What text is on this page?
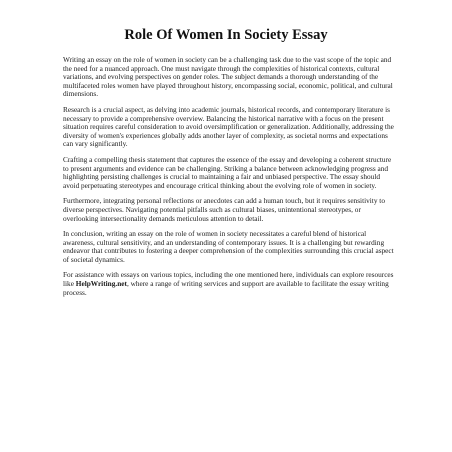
Role Of Women In Society Essay

Writing an essay on the role of women in society can be a challenging task due to the vast scope of the topic and the need for a nuanced approach. One must navigate through the complexities of historical contexts, cultural variations, and evolving perspectives on gender roles. The subject demands a thorough understanding of the multifaceted roles women have played throughout history, encompassing social, economic, political, and cultural dimensions.

Research is a crucial aspect, as delving into academic journals, historical records, and contemporary literature is necessary to provide a comprehensive overview. Balancing the historical narrative with a focus on the present situation requires careful consideration to avoid oversimplification or generalization. Additionally, addressing the diversity of women's experiences globally adds another layer of complexity, as societal norms and expectations can vary significantly.

Crafting a compelling thesis statement that captures the essence of the essay and developing a coherent structure to present arguments and evidence can be challenging. Striking a balance between acknowledging progress and highlighting persisting challenges is crucial to maintaining a fair and unbiased perspective. The essay should avoid perpetuating stereotypes and encourage critical thinking about the evolving role of women in society.

Furthermore, integrating personal reflections or anecdotes can add a human touch, but it requires sensitivity to diverse perspectives. Navigating potential pitfalls such as cultural biases, unintentional stereotypes, or overlooking intersectionality demands meticulous attention to detail.

In conclusion, writing an essay on the role of women in society necessitates a careful blend of historical awareness, cultural sensitivity, and an understanding of contemporary issues. It is a challenging but rewarding endeavor that contributes to fostering a deeper comprehension of the complexities surrounding this crucial aspect of societal dynamics.

For assistance with essays on various topics, including the one mentioned here, individuals can explore resources like HelpWriting.net, where a range of writing services and support are available to facilitate the essay writing process.
